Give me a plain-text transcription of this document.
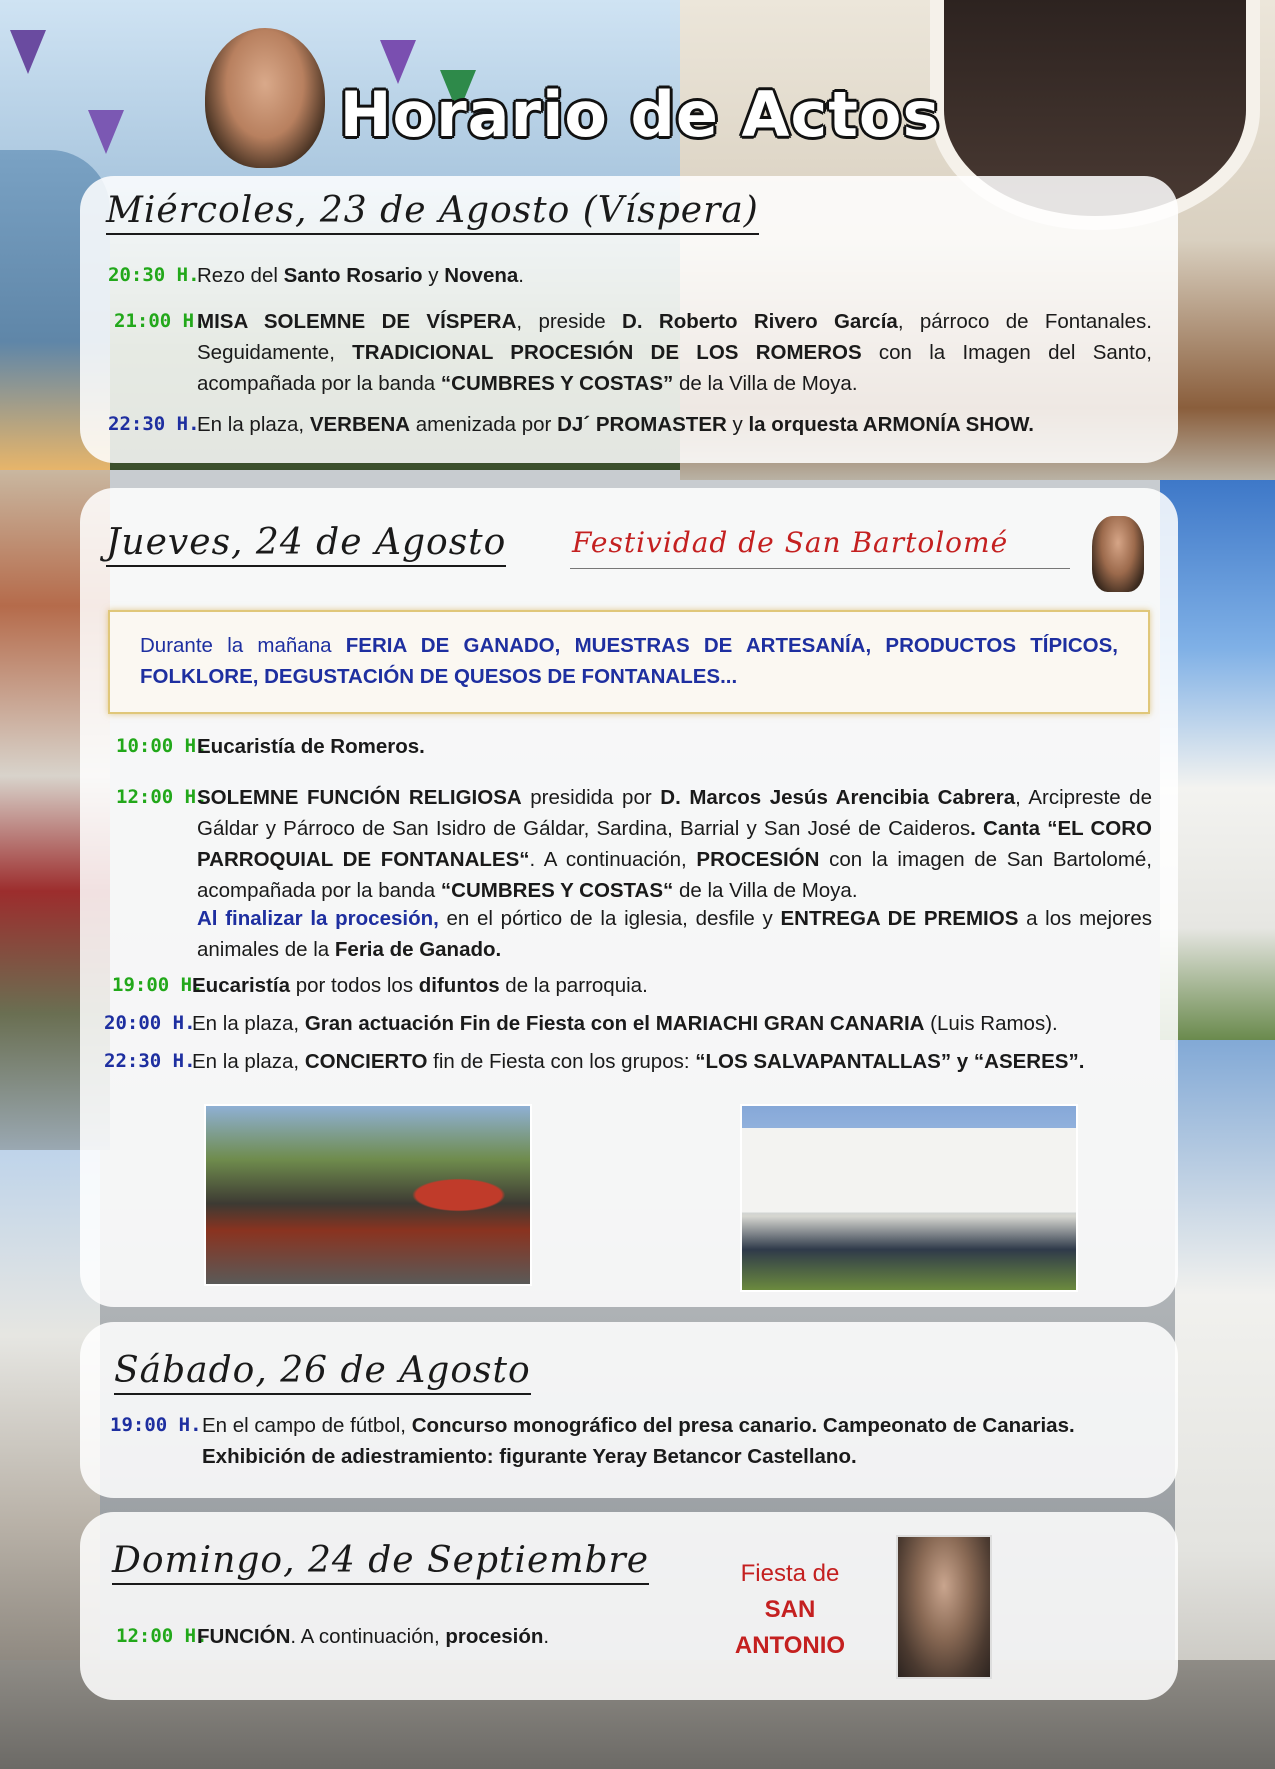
Horario de Actos
Miércoles, 23 de Agosto (Víspera)
20:30 H.
Rezo del Santo Rosario y Novena.
21:00 H.
MISA SOLEMNE DE VÍSPERA, preside D. Roberto Rivero García, párroco de Fontanales. Seguidamente, TRADICIONAL PROCESIÓN DE LOS ROMEROS con la Imagen del Santo, acompañada por la banda “CUMBRES Y COSTAS” de la Villa de Moya.
22:30 H.
En la plaza, VERBENA amenizada por DJ´ PROMASTER y la orquesta ARMONÍA SHOW.
Jueves, 24 de Agosto Festividad de San Bartolomé
Durante la mañana FERIA DE GANADO, MUESTRAS DE ARTESANÍA, PRODUCTOS TÍPICOS, FOLKLORE, DEGUSTACIÓN DE QUESOS DE FONTANALES...
10:00 H.
Eucaristía de Romeros.
12:00 H.
SOLEMNE FUNCIÓN RELIGIOSA presidida por D. Marcos Jesús Arencibia Cabrera, Arcipreste de Gáldar y Párroco de San Isidro de Gáldar, Sardina, Barrial y San José de Caideros. Canta “EL CORO PARROQUIAL DE FONTANALES“. A continuación, PROCESIÓN con la imagen de San Bartolomé, acompañada por la banda “CUMBRES Y COSTAS“ de la Villa de Moya.
Al finalizar la procesión, en el pórtico de la iglesia, desfile y ENTREGA DE PREMIOS a los mejores animales de la Feria de Ganado.
19:00 H.
Eucaristía por todos los difuntos de la parroquia.
20:00 H.
En la plaza, Gran actuación Fin de Fiesta con el MARIACHI GRAN CANARIA (Luis Ramos).
22:30 H.
En la plaza, CONCIERTO fin de Fiesta con los grupos: “LOS SALVAPANTALLAS” y “ASERES”.
Sábado, 26 de Agosto
19:00 H. En el campo de fútbol, Concurso monográfico del presa canario. Campeonato de Canarias.
Exhibición de adiestramiento: figurante Yeray Betancor Castellano.
Domingo, 24 de Septiembre
12:00 H.
FUNCIÓN. A continuación, procesión.
Fiesta de
SAN
ANTONIO
